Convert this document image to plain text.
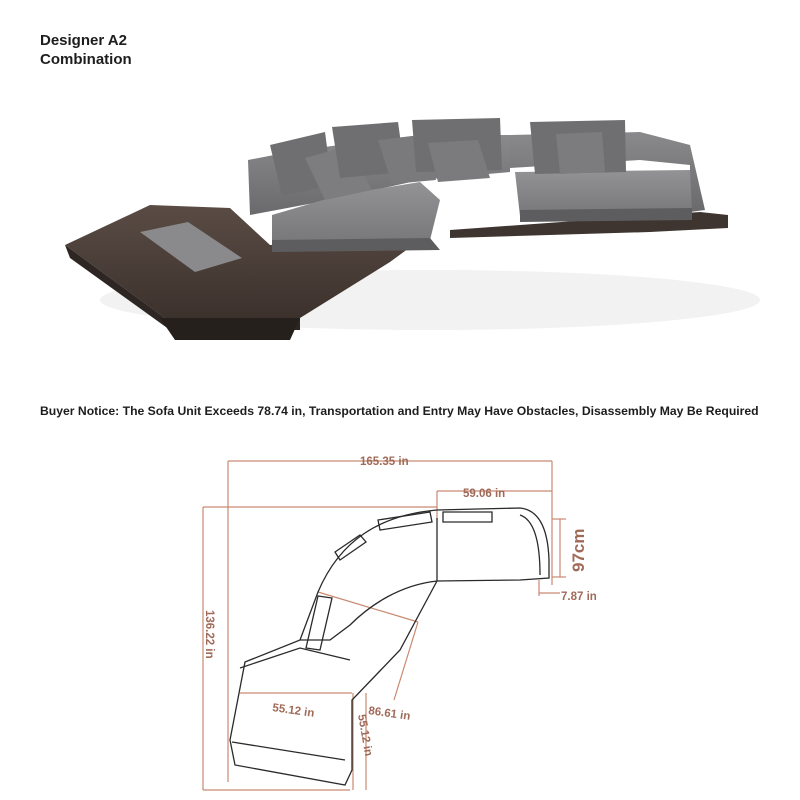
Designer A2
Combination
Buyer Notice: The Sofa Unit Exceeds 78.74 in, Transportation and Entry May Have Obstacles, Disassembly May Be Required
165.35 in
59.06 in
97cm
7.87 in
136.22 in
55.12 in	86.61 in
55.12 in
